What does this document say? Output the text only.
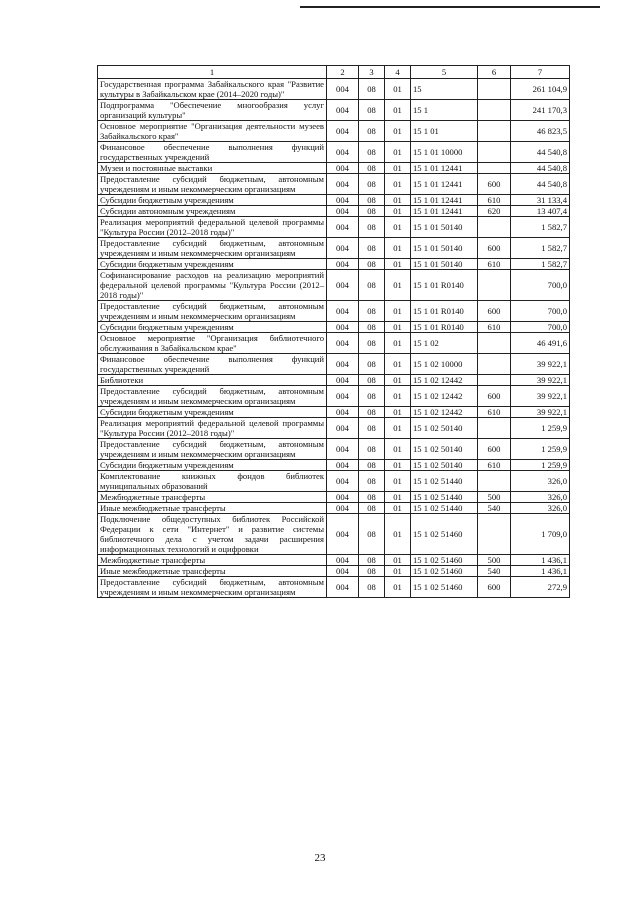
1	2	3	4	5	6	7
Государственная программа Забайкальского края "Развитие культуры в Забайкальском крае (2014–2020 годы)"	004	08	01	15		261 104,9
Подпрограмма "Обеспечение многообразия услуг организаций культуры"	004	08	01	15 1		241 170,3
Основное мероприятие "Организация деятельности музеев Забайкальского края"	004	08	01	15 1 01		46 823,5
Финансовое обеспечение выполнения функций государственных учреждений	004	08	01	15 1 01 10000		44 540,8
Музеи и постоянные выставки	004	08	01	15 1 01 12441		44 540,8
Предоставление субсидий бюджетным, автономным учреждениям и иным некоммерческим организациям	004	08	01	15 1 01 12441	600	44 540,8
Субсидии бюджетным учреждениям	004	08	01	15 1 01 12441	610	31 133,4
Субсидии автономным учреждениям	004	08	01	15 1 01 12441	620	13 407,4
Реализация мероприятий федеральной целевой программы "Культура России (2012–2018 годы)"	004	08	01	15 1 01 50140		1 582,7
Предоставление субсидий бюджетным, автономным учреждениям и иным некоммерческим организациям	004	08	01	15 1 01 50140	600	1 582,7
Субсидии бюджетным учреждениям	004	08	01	15 1 01 50140	610	1 582,7
Софинансирование расходов на реализацию мероприятий федеральной целевой программы "Культура России (2012–2018 годы)"	004	08	01	15 1 01 R0140		700,0
Предоставление субсидий бюджетным, автономным учреждениям и иным некоммерческим организациям	004	08	01	15 1 01 R0140	600	700,0
Субсидии бюджетным учреждениям	004	08	01	15 1 01 R0140	610	700,0
Основное мероприятие "Организация библиотечного обслуживания в Забайкальском крае"	004	08	01	15 1 02		46 491,6
Финансовое обеспечение выполнения функций государственных учреждений	004	08	01	15 1 02 10000		39 922,1
Библиотеки	004	08	01	15 1 02 12442		39 922,1
Предоставление субсидий бюджетным, автономным учреждениям и иным некоммерческим организациям	004	08	01	15 1 02 12442	600	39 922,1
Субсидии бюджетным учреждениям	004	08	01	15 1 02 12442	610	39 922,1
Реализация мероприятий федеральной целевой программы "Культура России (2012–2018 годы)"	004	08	01	15 1 02 50140		1 259,9
Предоставление субсидий бюджетным, автономным учреждениям и иным некоммерческим организациям	004	08	01	15 1 02 50140	600	1 259,9
Субсидии бюджетным учреждениям	004	08	01	15 1 02 50140	610	1 259,9
Комплектование книжных фондов библиотек муниципальных образований	004	08	01	15 1 02 51440		326,0
Межбюджетные трансферты	004	08	01	15 1 02 51440	500	326,0
Иные межбюджетные трансферты	004	08	01	15 1 02 51440	540	326,0
Подключение общедоступных библиотек Российской Федерации к сети "Интернет" и развитие системы библиотечного дела с учетом задачи расширения информационных технологий и оцифровки	004	08	01	15 1 02 51460		1 709,0
Межбюджетные трансферты	004	08	01	15 1 02 51460	500	1 436,1
Иные межбюджетные трансферты	004	08	01	15 1 02 51460	540	1 436,1
Предоставление субсидий бюджетным, автономным учреждениям и иным некоммерческим организациям	004	08	01	15 1 02 51460	600	272,9
23
